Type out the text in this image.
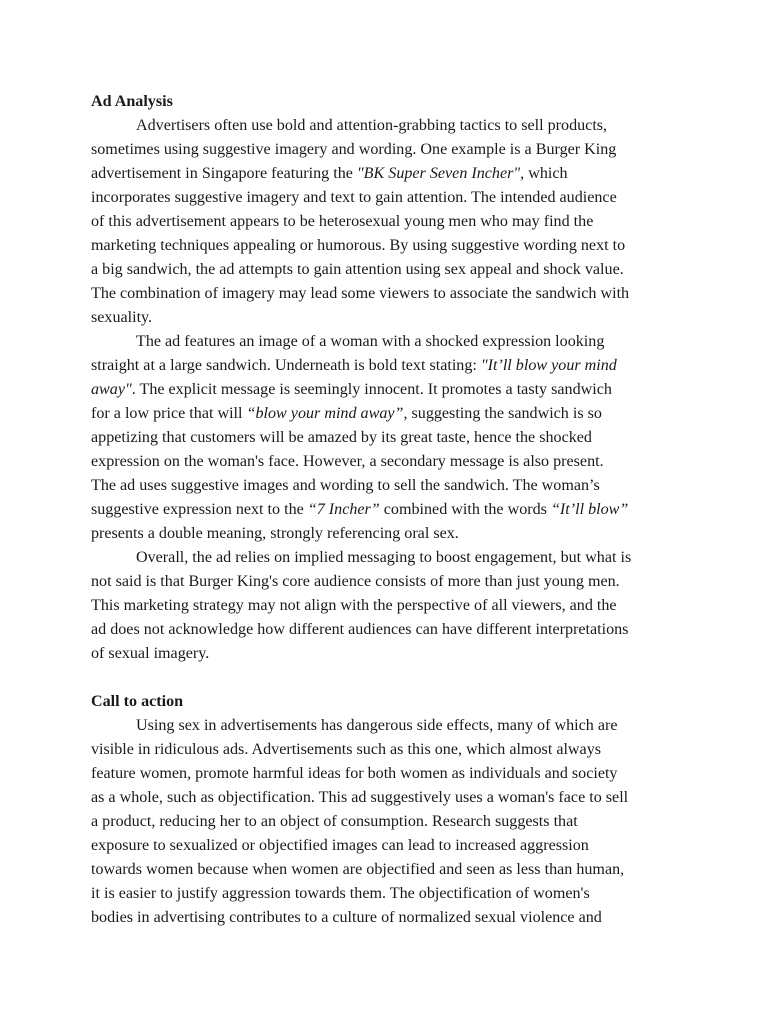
Ad Analysis
Advertisers often use bold and attention-grabbing tactics to sell products,
sometimes using suggestive imagery and wording. One example is a Burger King
advertisement in Singapore featuring the "BK Super Seven Incher", which
incorporates suggestive imagery and text to gain attention. The intended audience
of this advertisement appears to be heterosexual young men who may find the
marketing techniques appealing or humorous. By using suggestive wording next to
a big sandwich, the ad attempts to gain attention using sex appeal and shock value.
The combination of imagery may lead some viewers to associate the sandwich with
sexuality.
The ad features an image of a woman with a shocked expression looking
straight at a large sandwich. Underneath is bold text stating: "It’ll blow your mind
away". The explicit message is seemingly innocent. It promotes a tasty sandwich
for a low price that will “blow your mind away”, suggesting the sandwich is so
appetizing that customers will be amazed by its great taste, hence the shocked
expression on the woman's face. However, a secondary message is also present.
The ad uses suggestive images and wording to sell the sandwich. The woman’s
suggestive expression next to the “7 Incher” combined with the words “It’ll blow”
presents a double meaning, strongly referencing oral sex.
Overall, the ad relies on implied messaging to boost engagement, but what is
not said is that Burger King's core audience consists of more than just young men.
This marketing strategy may not align with the perspective of all viewers, and the
ad does not acknowledge how different audiences can have different interpretations
of sexual imagery.
Call to action
Using sex in advertisements has dangerous side effects, many of which are
visible in ridiculous ads. Advertisements such as this one, which almost always
feature women, promote harmful ideas for both women as individuals and society
as a whole, such as objectification. This ad suggestively uses a woman's face to sell
a product, reducing her to an object of consumption. Research suggests that
exposure to sexualized or objectified images can lead to increased aggression
towards women because when women are objectified and seen as less than human,
it is easier to justify aggression towards them. The objectification of women's
bodies in advertising contributes to a culture of normalized sexual violence and
